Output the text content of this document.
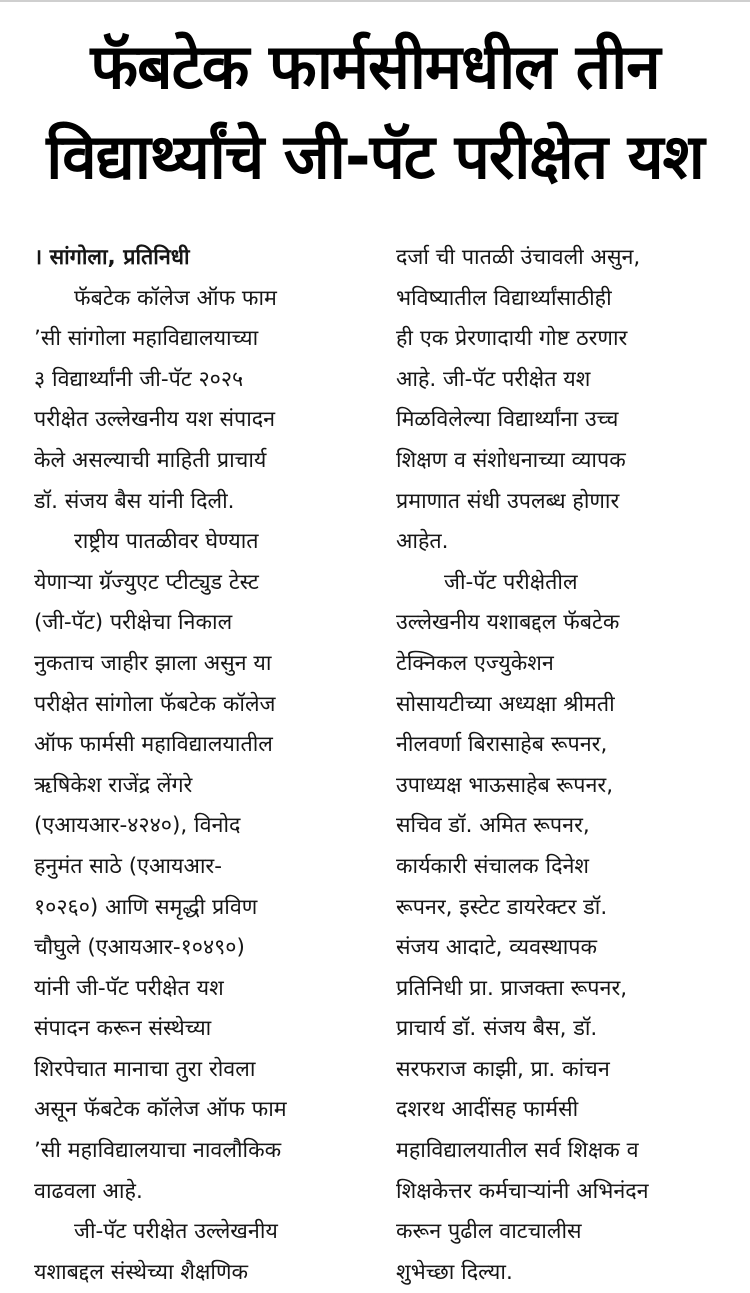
फॅबटेक फार्मसीमधील तीन
विद्यार्थ्यांचे जी-पॅट परीक्षेत यश
। सांगोला, प्रतिनिधी
फॅबटेक कॉलेज ऑफ फाम
ʼसी सांगोला महाविद्यालयाच्या
३ विद्यार्थ्यांनी जी-पॅट २०२५
परीक्षेत उल्लेखनीय यश संपादन
केले असल्याची माहिती प्राचार्य
डॉ. संजय बैस यांनी दिली.
राष्ट्रीय पातळीवर घेण्यात
येणाऱ्या ग्रॅज्युएट प्टीट्युड टेस्ट
(जी-पॅट) परीक्षेचा निकाल
नुकताच जाहीर झाला असुन या
परीक्षेत सांगोला फॅबटेक कॉलेज
ऑफ फार्मसी महाविद्यालयातील
ऋषिकेश राजेंद्र लेंगरे
(एआयआर-४२४०), विनोद
हनुमंत साठे (एआयआर-
१०२६०) आणि समृद्धी प्रविण
चौघुले (एआयआर-१०४९०)
यांनी जी-पॅट परीक्षेत यश
संपादन करून संस्थेच्या
शिरपेचात मानाचा तुरा रोवला
असून फॅबटेक कॉलेज ऑफ फाम
ʼसी महाविद्यालयाचा नावलौकिक
वाढवला आहे.
जी-पॅट परीक्षेत उल्लेखनीय
यशाबद्दल संस्थेच्या शैक्षणिक
दर्जा ची पातळी उंचावली असुन,
भविष्यातील विद्यार्थ्यांसाठीही
ही एक प्रेरणादायी गोष्ट ठरणार
आहे. जी-पॅट परीक्षेत यश
मिळविलेल्या विद्यार्थ्यांना उच्च
शिक्षण व संशोधनाच्या व्यापक
प्रमाणात संधी उपलब्ध होणार
आहेत.
जी-पॅट परीक्षेतील
उल्लेखनीय यशाबद्दल फॅबटेक
टेक्निकल एज्युकेशन
सोसायटीच्या अध्यक्षा श्रीमती
नीलवर्णा बिरासाहेब रूपनर,
उपाध्यक्ष भाऊसाहेब रूपनर,
सचिव डॉ. अमित रूपनर,
कार्यकारी संचालक दिनेश
रूपनर, इस्टेट डायरेक्टर डॉ.
संजय आदाटे, व्यवस्थापक
प्रतिनिधी प्रा. प्राजक्ता रूपनर,
प्राचार्य डॉ. संजय बैस, डॉ.
सरफराज काझी, प्रा. कांचन
दशरथ आदींसह फार्मसी
महाविद्यालयातील सर्व शिक्षक व
शिक्षकेत्तर कर्मचाऱ्यांनी अभिनंदन
करून पुढील वाटचालीस
शुभेच्छा दिल्या.
